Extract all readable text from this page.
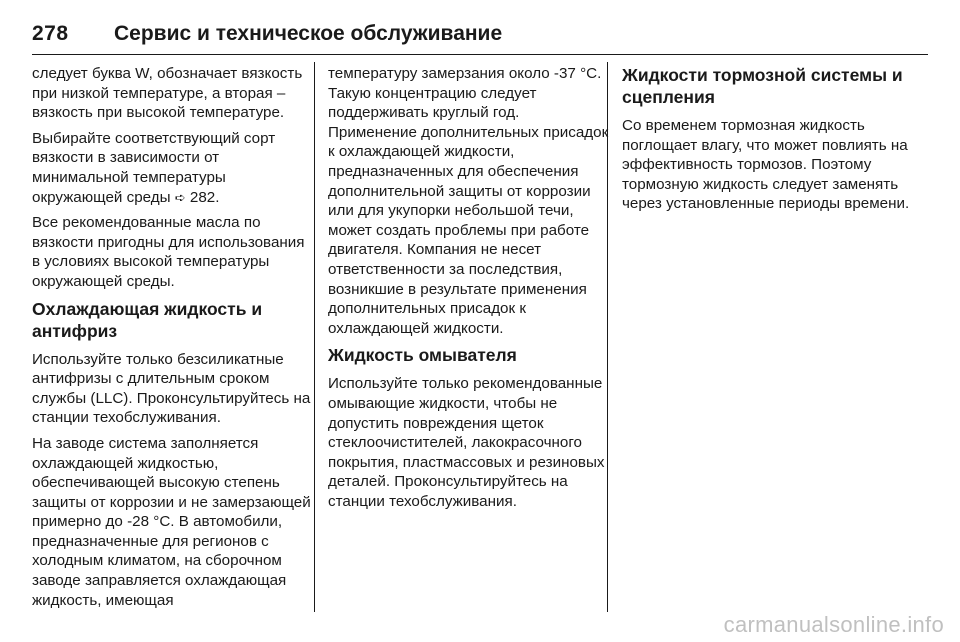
278 Сервис и техническое обслуживание

следует буква W, обозначает вязкость при низкой температуре, а вторая – вязкость при высокой температуре.

Выбирайте соответствующий сорт вязкости в зависимости от минимальной температуры окружающей среды ➪ 282.

Все рекомендованные масла по вязкости пригодны для использования в условиях высокой температуры окружающей среды.

Охлаждающая жидкость и антифриз

Используйте только безсиликатные антифризы с длительным сроком службы (LLC). Проконсультируйтесь на станции техобслуживания.

На заводе система заполняется охлаждающей жидкостью, обеспечивающей высокую степень защиты от коррозии и не замерзающей примерно до -28 °C. В автомобили, предназначенные для регионов с холодным климатом, на сборочном заводе заправляется охлаждающая жидкость, имеющая

температуру замерзания около -37 °C. Такую концентрацию следует поддерживать круглый год. Применение дополнительных присадок к охлаждающей жидкости, предназначенных для обеспечения дополнительной защиты от коррозии или для укупорки небольшой течи, может создать проблемы при работе двигателя. Компания не несет ответственности за последствия, возникшие в результате применения дополнительных присадок к охлаждающей жидкости.

Жидкость омывателя

Используйте только рекомендованные омывающие жидкости, чтобы не допустить повреждения щеток стеклоочистителей, лакокрасочного покрытия, пластмассовых и резиновых деталей. Проконсультируйтесь на станции техобслуживания.

Жидкости тормозной системы и сцепления

Со временем тормозная жидкость поглощает влагу, что может повлиять на эффективность тормозов. Поэтому тормозную жидкость следует заменять через установленные периоды времени.

carmanualsonline.info
